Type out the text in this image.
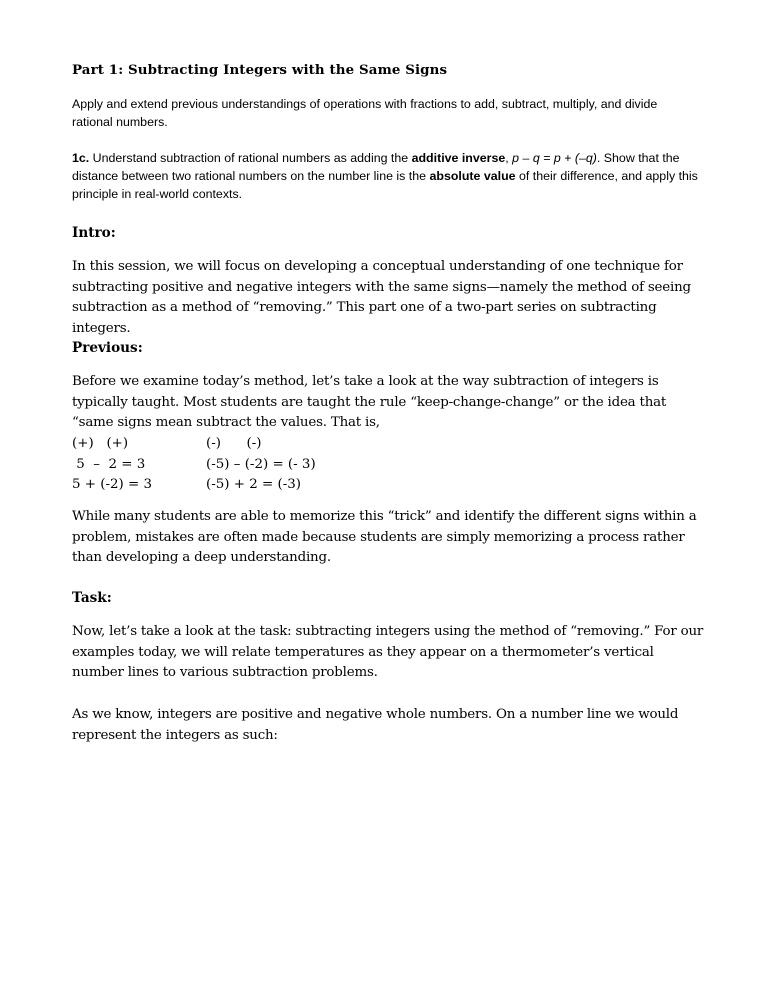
Part 1: Subtracting Integers with the Same Signs

Apply and extend previous understandings of operations with fractions to add, subtract, multiply, and divide rational numbers.

1c. Understand subtraction of rational numbers as adding the additive inverse, p – q = p + (–q). Show that the distance between two rational numbers on the number line is the absolute value of their difference, and apply this principle in real-world contexts.

Intro:

In this session, we will focus on developing a conceptual understanding of one technique for subtracting positive and negative integers with the same signs—namely the method of seeing subtraction as a method of “removing.” This part one of a two-part series on subtracting integers.

Previous:

Before we examine today’s method, let’s take a look at the way subtraction of integers is typically taught. Most students are taught the rule “keep-change-change” or the idea that “same signs mean subtract the values. That is,

(+)   (+)
5  –  2 = 3
5 + (-2) = 3
(-)      (-)
(-5) – (-2) = (- 3)
(-5) + 2 = (-3)

While many students are able to memorize this “trick” and identify the different signs within a problem, mistakes are often made because students are simply memorizing a process rather than developing a deep understanding.

Task:

Now, let’s take a look at the task: subtracting integers using the method of “removing.” For our examples today, we will relate temperatures as they appear on a thermometer’s vertical number lines to various subtraction problems.

As we know, integers are positive and negative whole numbers. On a number line we would represent the integers as such:
